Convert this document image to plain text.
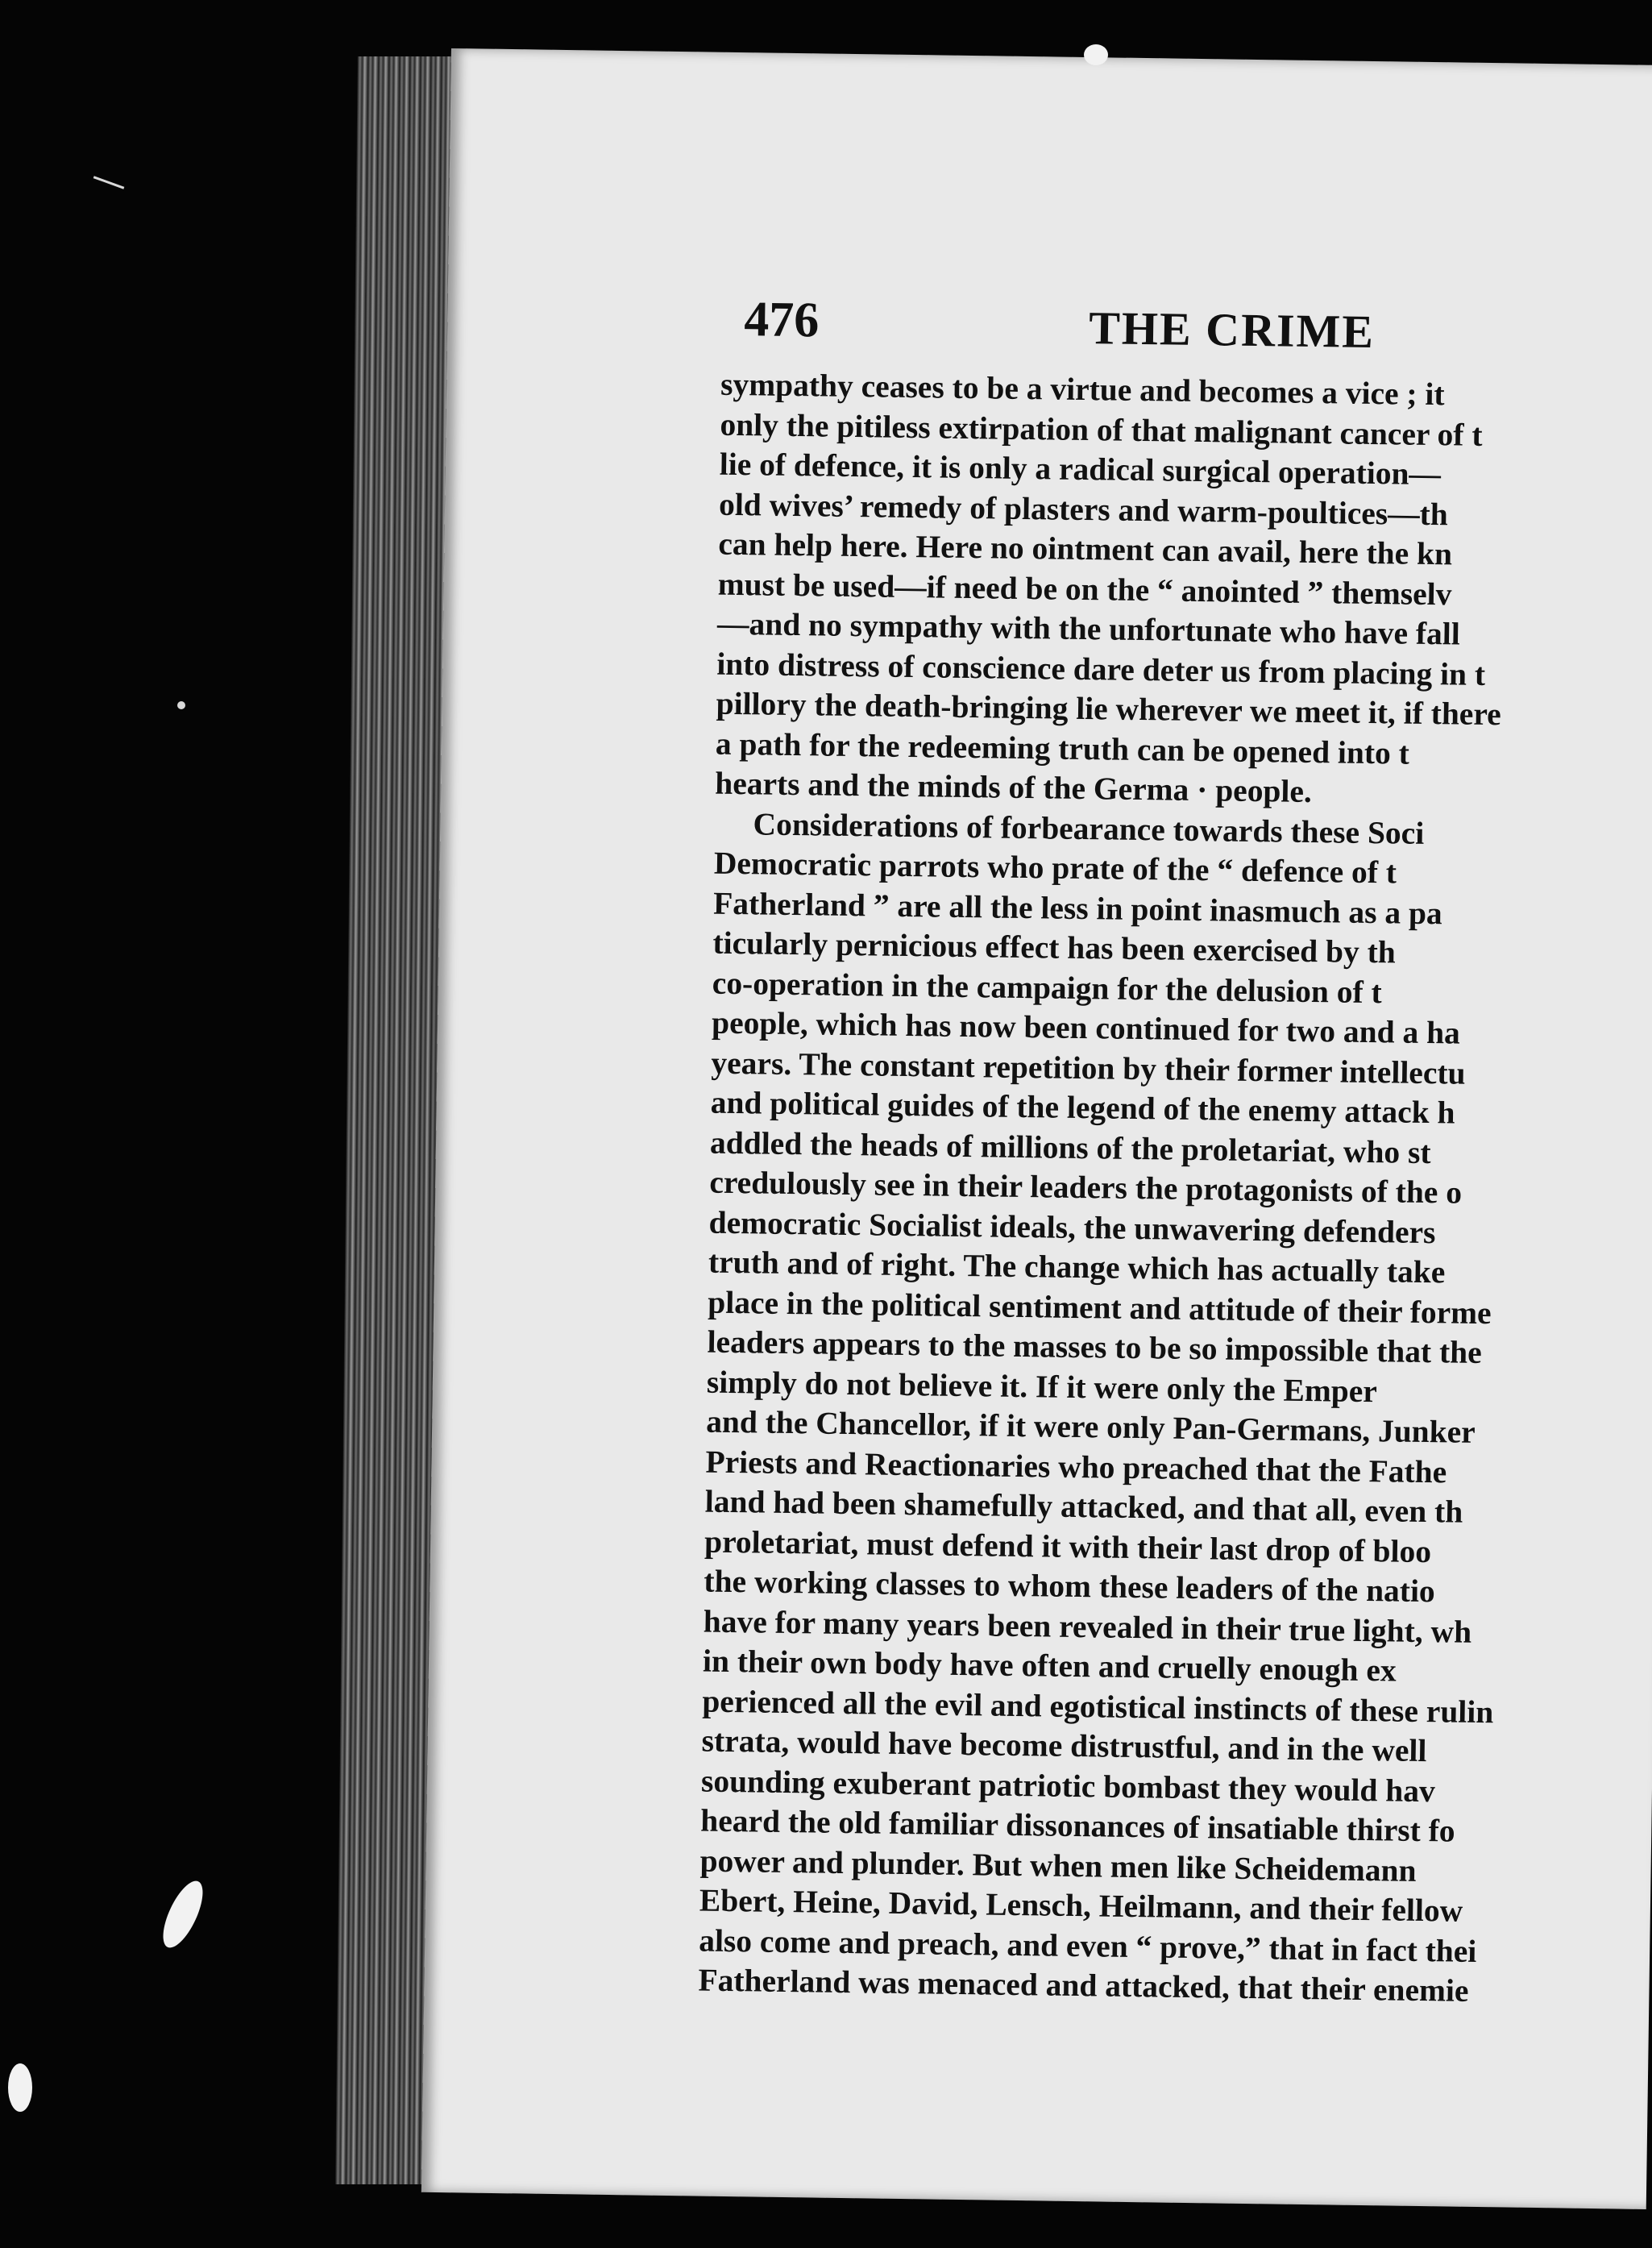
476	THE CRIME
sympathy ceases to be a virtue and becomes a vice ; it
only the pitiless extirpation of that malignant cancer of t
lie of defence, it is only a radical surgical operation—
old wives’ remedy of plasters and warm-poultices—th
can help here. Here no ointment can avail, here the kn
must be used—if need be on the “ anointed ” themselv
—and no sympathy with the unfortunate who have fall
into distress of conscience dare deter us from placing in t
pillory the death-bringing lie wherever we meet it, if there
a path for the redeeming truth can be opened into t
hearts and the minds of the Germa · people.
Considerations of forbearance towards these Soci
Democratic parrots who prate of the “ defence of t
Fatherland ” are all the less in point inasmuch as a pa
ticularly pernicious effect has been exercised by th
co-operation in the campaign for the delusion of t
people, which has now been continued for two and a ha
years. The constant repetition by their former intellectu
and political guides of the legend of the enemy attack h
addled the heads of millions of the proletariat, who st
credulously see in their leaders the protagonists of the o
democratic Socialist ideals, the unwavering defenders
truth and of right. The change which has actually take
place in the political sentiment and attitude of their forme
leaders appears to the masses to be so impossible that the
simply do not believe it. If it were only the Emper
and the Chancellor, if it were only Pan-Germans, Junker
Priests and Reactionaries who preached that the Fathe
land had been shamefully attacked, and that all, even th
proletariat, must defend it with their last drop of bloo
the working classes to whom these leaders of the natio
have for many years been revealed in their true light, wh
in their own body have often and cruelly enough ex
perienced all the evil and egotistical instincts of these rulin
strata, would have become distrustful, and in the well
sounding exuberant patriotic bombast they would hav
heard the old familiar dissonances of insatiable thirst fo
power and plunder. But when men like Scheidemann
Ebert, Heine, David, Lensch, Heilmann, and their fellow
also come and preach, and even “ prove,” that in fact thei
Fatherland was menaced and attacked, that their enemie
